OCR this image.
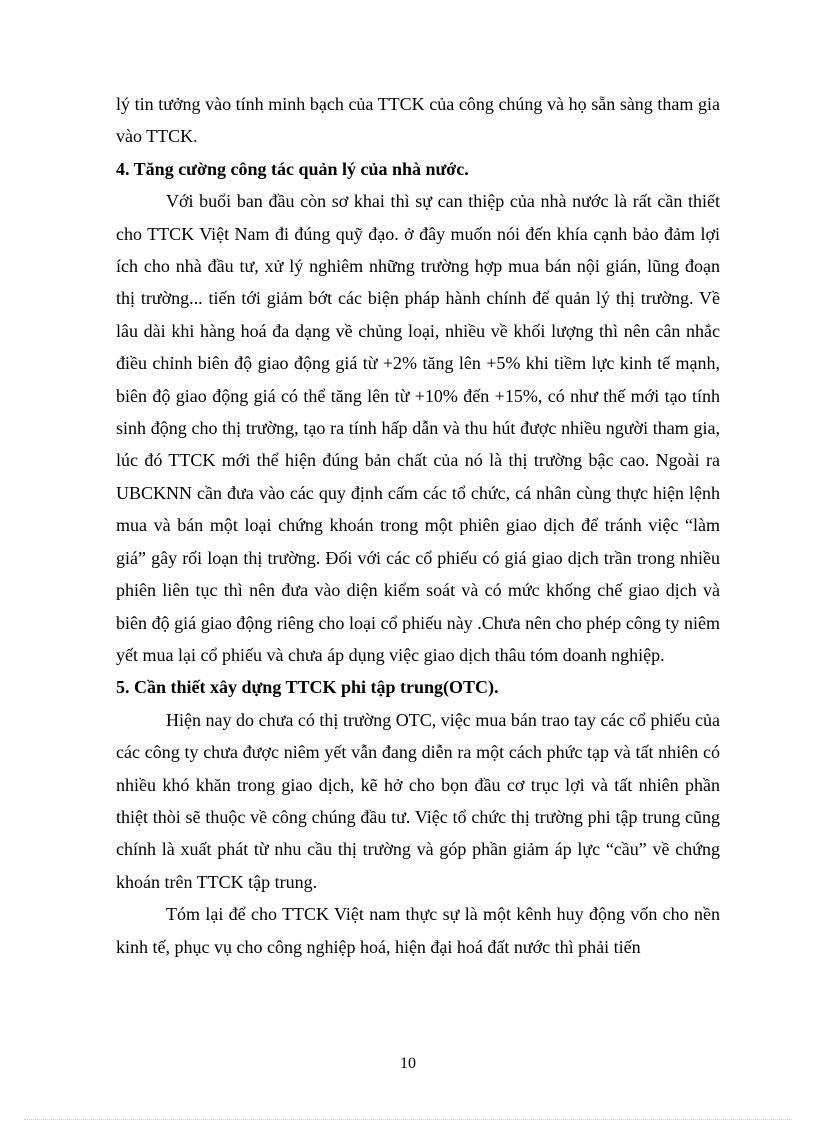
lý tin tưởng vào tính minh bạch của TTCK của công chúng và họ sẵn sàng tham gia vào TTCK.

4. Tăng cường công tác quản lý của nhà nước.

Với buổi ban đầu còn sơ khai thì sự can thiệp của nhà nước là rất cần thiết cho TTCK Việt Nam đi đúng quỹ đạo. ở đây muốn nói đến khía cạnh bảo đảm lợi ích cho nhà đầu tư, xử lý nghiêm những trường hợp mua bán nội gián, lũng đoạn thị trường... tiến tới giảm bớt các biện pháp hành chính để quản lý thị trường. Về lâu dài khi hàng hoá đa dạng về chủng loại, nhiều về khối lượng thì nên cân nhắc điều chỉnh biên độ giao động giá từ +2% tăng lên +5% khi tiềm lực kinh tế mạnh, biên độ giao động giá có thể tăng lên từ +10% đến +15%, có như thế mới tạo tính sinh động cho thị trường, tạo ra tính hấp dẫn và thu hút được nhiều người tham gia, lúc đó TTCK mới thể hiện đúng bản chất của nó là thị trường bậc cao. Ngoài ra UBCKNN cần đưa vào các quy định cấm các tổ chức, cá nhân cùng thực hiện lệnh mua và bán một loại chứng khoán trong một phiên giao dịch để tránh việc “làm giá” gây rối loạn thị trường. Đối với các cổ phiếu có giá giao dịch trần trong nhiều phiên liên tục thì nên đưa vào diện kiểm soát và có mức khống chế giao dịch và biên độ giá giao động riêng cho loại cổ phiếu này .Chưa nên cho phép công ty niêm yết mua lại cổ phiếu và chưa áp dụng việc giao dịch thâu tóm doanh nghiệp.

5. Cần thiết xây dựng TTCK phi tập trung(OTC).

Hiện nay do chưa có thị trường OTC, việc mua bán trao tay các cổ phiếu của các công ty chưa được niêm yết vẫn đang diễn ra một cách phức tạp và tất nhiên có nhiều khó khăn trong giao dịch, kẽ hở cho bọn đầu cơ trục lợi và tất nhiên phần thiệt thòi sẽ thuộc về công chúng đầu tư. Việc tổ chức thị trường phi tập trung cũng chính là xuất phát từ nhu cầu thị trường và góp phần giảm áp lực “cầu” về chứng khoán trên TTCK tập trung.

Tóm lại để cho TTCK Việt nam thực sự là một kênh huy động vốn cho nền kinh tế, phục vụ cho công nghiệp hoá, hiện đại hoá đất nước thì phải tiến

10
